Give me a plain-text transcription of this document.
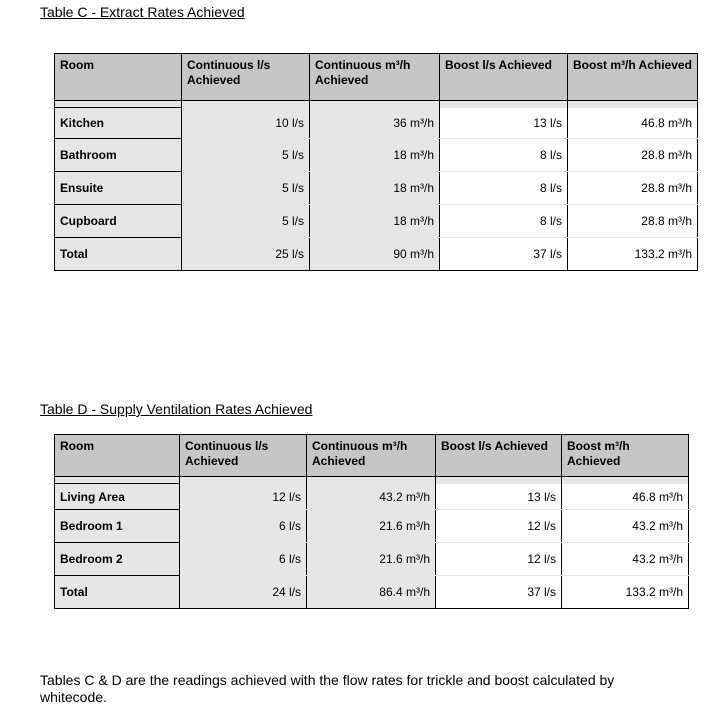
Table C - Extract Rates Achieved
Room	Continuous l/s Achieved	Continuous m³/h Achieved	Boost l/s Achieved	Boost m³/h Achieved

Kitchen	10 l/s	36 m³/h	13 l/s	46.8 m³/h
Bathroom	5 l/s	18 m³/h	8 l/s	28.8 m³/h
Ensuite	5 l/s	18 m³/h	8 l/s	28.8 m³/h
Cupboard	5 l/s	18 m³/h	8 l/s	28.8 m³/h
Total	25 l/s	90 m³/h	37 l/s	133.2 m³/h
Table D - Supply Ventilation Rates Achieved
Room	Continuous l/s Achieved	Continuous m³/h Achieved	Boost l/s Achieved	Boost m³/h Achieved

Living Area	12 l/s	43.2 m³/h	13 l/s	46.8 m³/h
Bedroom 1	6 l/s	21.6 m³/h	12 l/s	43.2 m³/h
Bedroom 2	6 l/s	21.6 m³/h	12 l/s	43.2 m³/h
Total	24 l/s	86.4 m³/h	37 l/s	133.2 m³/h
Tables C & D are the readings achieved with the flow rates for trickle and boost calculated by whitecode.
